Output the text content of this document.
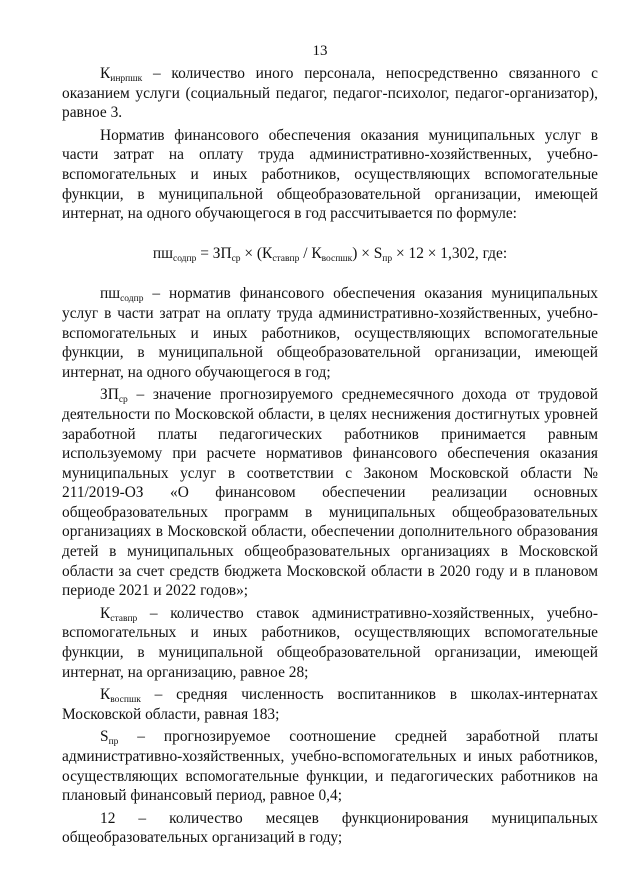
13

$К_{инрпшк}$ – количество иного персонала, непосредственно связанного с оказанием услуги (социальный педагог, педагог-психолог, педагог-организатор), равное 3.

Норматив финансового обеспечения оказания муниципальных услуг в части затрат на оплату труда административно-хозяйственных, учебно-вспомогательных и иных работников, осуществляющих вспомогательные функции, в муниципальной общеобразовательной организации, имеющей интернат, на одного обучающегося в год рассчитывается по формуле:

$пш_{содпр} = ЗП_{ср} \times (К_{ставпр} / К_{воспшк}) \times S_{пр} \times 12 \times 1,302$, где:

$пш_{содпр}$ – норматив финансового обеспечения оказания муниципальных услуг в части затрат на оплату труда административно-хозяйственных, учебно-вспомогательных и иных работников, осуществляющих вспомогательные функции, в муниципальной общеобразовательной организации, имеющей интернат, на одного обучающегося в год;

$ЗП_{ср}$ – значение прогнозируемого среднемесячного дохода от трудовой деятельности по Московской области, в целях неснижения достигнутых уровней заработной платы педагогических работников принимается равным используемому при расчете нормативов финансового обеспечения оказания муниципальных услуг в соответствии с Законом Московской области № 211/2019-ОЗ «О финансовом обеспечении реализации основных общеобразовательных программ в муниципальных общеобразовательных организациях в Московской области, обеспечении дополнительного образования детей в муниципальных общеобразовательных организациях в Московской области за счет средств бюджета Московской области в 2020 году и в плановом периоде 2021 и 2022 годов»;

$К_{ставпр}$ – количество ставок административно-хозяйственных, учебно-вспомогательных и иных работников, осуществляющих вспомогательные функции, в муниципальной общеобразовательной организации, имеющей интернат, на организацию, равное 28;

$К_{воспшк}$ – средняя численность воспитанников в школах-интернатах Московской области, равная 183;

$S_{пр}$ – прогнозируемое соотношение средней заработной платы административно-хозяйственных, учебно-вспомогательных и иных работников, осуществляющих вспомогательные функции, и педагогических работников на плановый финансовый период, равное 0,4;

12 – количество месяцев функционирования муниципальных общеобразовательных организаций в году;
